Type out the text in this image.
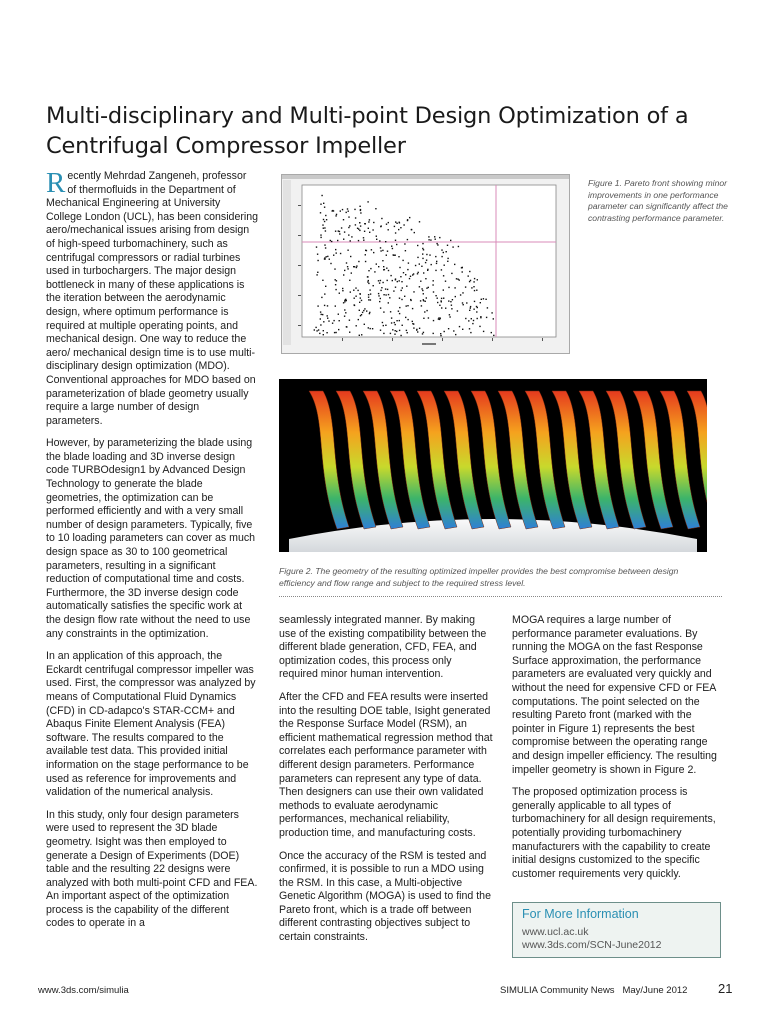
Multi-disciplinary and Multi-point Design Optimization of a Centrifugal Compressor Impeller
Figure 1. Pareto front showing minor improvements in one performance parameter can significantly affect the contrasting performance parameter.
Figure 2. The geometry of the resulting optimized impeller provides the best compromise between design efficiency and flow range and subject to the required stress level.

Recently Mehrdad Zangeneh, professor of thermofluids in the Department of Mechanical Engineering at University College London (UCL), has been considering aero/mechanical issues arising from design of high-speed turbomachinery, such as centrifugal compressors or radial turbines used in turbochargers. The major design bottleneck in many of these applications is the iteration between the aerodynamic design, where optimum performance is required at multiple operating points, and mechanical design. One way to reduce the aero/ mechanical design time is to use multi-disciplinary design optimization (MDO). Conventional approaches for MDO based on parameterization of blade geometry usually require a large number of design parameters.

However, by parameterizing the blade using the blade loading and 3D inverse design code TURBOdesign1 by Advanced Design Technology to generate the blade geometries, the optimization can be performed efficiently and with a very small number of design parameters. Typically, five to 10 loading parameters can cover as much design space as 30 to 100 geometrical parameters, resulting in a significant reduction of computational time and costs. Furthermore, the 3D inverse design code automatically satisfies the specific work at the design flow rate without the need to use any constraints in the optimization.

In an application of this approach, the Eckardt centrifugal compressor impeller was used. First, the compressor was analyzed by means of Computational Fluid Dynamics (CFD) in CD-adapco's STAR-CCM+ and Abaqus Finite Element Analysis (FEA) software. The results compared to the available test data. This provided initial information on the stage performance to be used as reference for improvements and validation of the numerical analysis.

In this study, only four design parameters were used to represent the 3D blade geometry. Isight was then employed to generate a Design of Experiments (DOE) table and the resulting 22 designs were analyzed with both multi-point CFD and FEA. An important aspect of the optimization process is the capability of the different codes to operate in a

seamlessly integrated manner. By making use of the existing compatibility between the different blade generation, CFD, FEA, and optimization codes, this process only required minor human intervention.

After the CFD and FEA results were inserted into the resulting DOE table, Isight generated the Response Surface Model (RSM), an efficient mathematical regression method that correlates each performance parameter with different design parameters. Performance parameters can represent any type of data. Then designers can use their own validated methods to evaluate aerodynamic performances, mechanical reliability, production time, and manufacturing costs.

Once the accuracy of the RSM is tested and confirmed, it is possible to run a MDO using the RSM. In this case, a Multi-objective Genetic Algorithm (MOGA) is used to find the Pareto front, which is a trade off between different contrasting objectives subject to certain constraints.

MOGA requires a large number of performance parameter evaluations. By running the MOGA on the fast Response Surface approximation, the performance parameters are evaluated very quickly and without the need for expensive CFD or FEA computations. The point selected on the resulting Pareto front (marked with the pointer in Figure 1) represents the best compromise between the operating range and design impeller efficiency. The resulting impeller geometry is shown in Figure 2.

The proposed optimization process is generally applicable to all types of turbomachinery for all design requirements, potentially providing turbomachinery manufacturers with the capability to create initial designs customized to the specific customer requirements very quickly.

For More Information
www.ucl.ac.uk
www.3ds.com/SCN-June2012
www.3ds.com/simulia	SIMULIA Community News   May/June 2012 21
